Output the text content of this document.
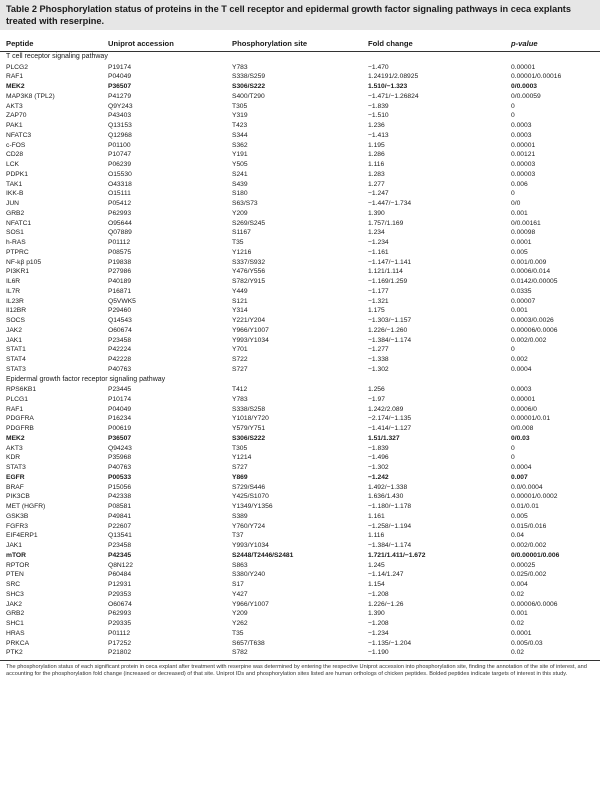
Table 2 Phosphorylation status of proteins in the T cell receptor and epidermal growth factor signaling pathways in ceca explants treated with reserpine.
Peptide	Uniprot accession	Phosphorylation site	Fold change	p-value
T cell receptor signaling pathway
PLCG2	P19174	Y783	−1.470	0.00001
RAF1	P04049	S338/S259	1.24191/2.08925	0.00001/0.00016
MEK2	P36507	S306/S222	1.510/−1.323	0/0.0003
MAP3K8 (TPL2)	P41279	S400/T290	−1.471/−1.26824	0/0.00059
AKT3	Q9Y243	T305	−1.839	0
ZAP70	P43403	Y319	−1.510	0
PAK1	Q13153	T423	1.236	0.0003
NFATC3	Q12968	S344	−1.413	0.0003
c-FOS	P01100	S362	1.195	0.00001
CD28	P10747	Y191	1.286	0.00121
LCK	P06239	Y505	1.116	0.00003
PDPK1	O15530	S241	1.283	0.00003
TAK1	O43318	S439	1.277	0.006
IKK-B	O15111	S180	−1.247	0
JUN	P05412	S63/S73	−1.447/−1.734	0/0
GRB2	P62993	Y209	1.390	0.001
NFATC1	O95644	S269/S245	1.757/1.169	0/0.00161
SOS1	Q07889	S1167	1.234	0.00098
h-RAS	P01112	T35	−1.234	0.0001
PTPRC	P08575	Y1216	−1.161	0.005
NF-kβ p105	P19838	S337/S932	−1.147/−1.141	0.001/0.009
PI3KR1	P27986	Y476/Y556	1.121/1.114	0.0006/0.014
IL6R	P40189	S782/Y915	−1.169/1.259	0.0142/0.00005
IL7R	P16871	Y449	−1.177	0.0335
IL23R	Q5VWK5	S121	−1.321	0.00007
Il12BR	P29460	Y314	1.175	0.001
SOCS	Q14543	Y221/Y204	−1.303/−1.157	0.0003/0.0026
JAK2	O60674	Y966/Y1007	1.226/−1.260	0.00006/0.0006
JAK1	P23458	Y993/Y1034	−1.384/−1.174	0.002/0.002
STAT1	P42224	Y701	−1.277	0
STAT4	P42228	S722	−1.338	0.002
STAT3	P40763	S727	−1.302	0.0004
Epidermal growth factor receptor signaling pathway
RPS6KB1	P23445	T412	1.256	0.0003
PLCG1	P10174	Y783	−1.97	0.00001
RAF1	P04049	S338/S258	1.242/2.089	0.0006/0
PDGFRA	P16234	Y1018/Y720	−2.174/−1.135	0.00001/0.01
PDGFRB	P00619	Y579/Y751	−1.414/−1.127	0/0.008
MEK2	P36507	S306/S222	1.51/1.327	0/0.03
AKT3	Q94243	T305	−1.839	0
KDR	P35968	Y1214	−1.496	0
STAT3	P40763	S727	−1.302	0.0004
EGFR	P00533	Y869	−1.242	0.007
BRAF	P15056	S729/S446	1.492/−1.338	0.0/0.0004
PIK3CB	P42338	Y425/S1070	1.636/1.430	0.00001/0.0002
MET (HGFR)	P08581	Y1349/Y1356	−1.180/−1.178	0.01/0.01
GSK3B	P49841	S389	1.161	0.005
FGFR3	P22607	Y760/Y724	−1.258/−1.194	0.015/0.016
EIF4ERP1	Q13541	T37	1.116	0.04
JAK1	P23458	Y993/Y1034	−1.384/−1.174	0.002/0.002
mTOR	P42345	S2448/T2446/S2481	1.721/1.411/−1.672	0/0.00001/0.006
RPTOR	Q8N122	S863	1.245	0.00025
PTEN	P60484	S380/Y240	−1.14/1.247	0.025/0.002
SRC	P12931	S17	1.154	0.004
SHC3	P29353	Y427	−1.208	0.02
JAK2	O60674	Y966/Y1007	1.226/−1.26	0.00006/0.0006
GRB2	P62993	Y209	1.390	0.001
SHC1	P29335	Y262	−1.208	0.02
HRAS	P01112	T35	−1.234	0.0001
PRKCA	P17252	S657/T638	−1.135/−1.204	0.005/0.03
PTK2	P21802	S782	−1.190	0.02
The phosphorylation status of each significant protein in ceca explant after treatment with reserpine was determined by entering the respective Uniprot accession into phosphorylation site, finding the annotation of the site of interest, and accounting for the phosphorylation fold change (increased or decreased) of that site. Uniprot IDs and phosphorylation sites listed are human orthologs of chicken peptides. Bolded peptides indicate targets of interest in this study.
